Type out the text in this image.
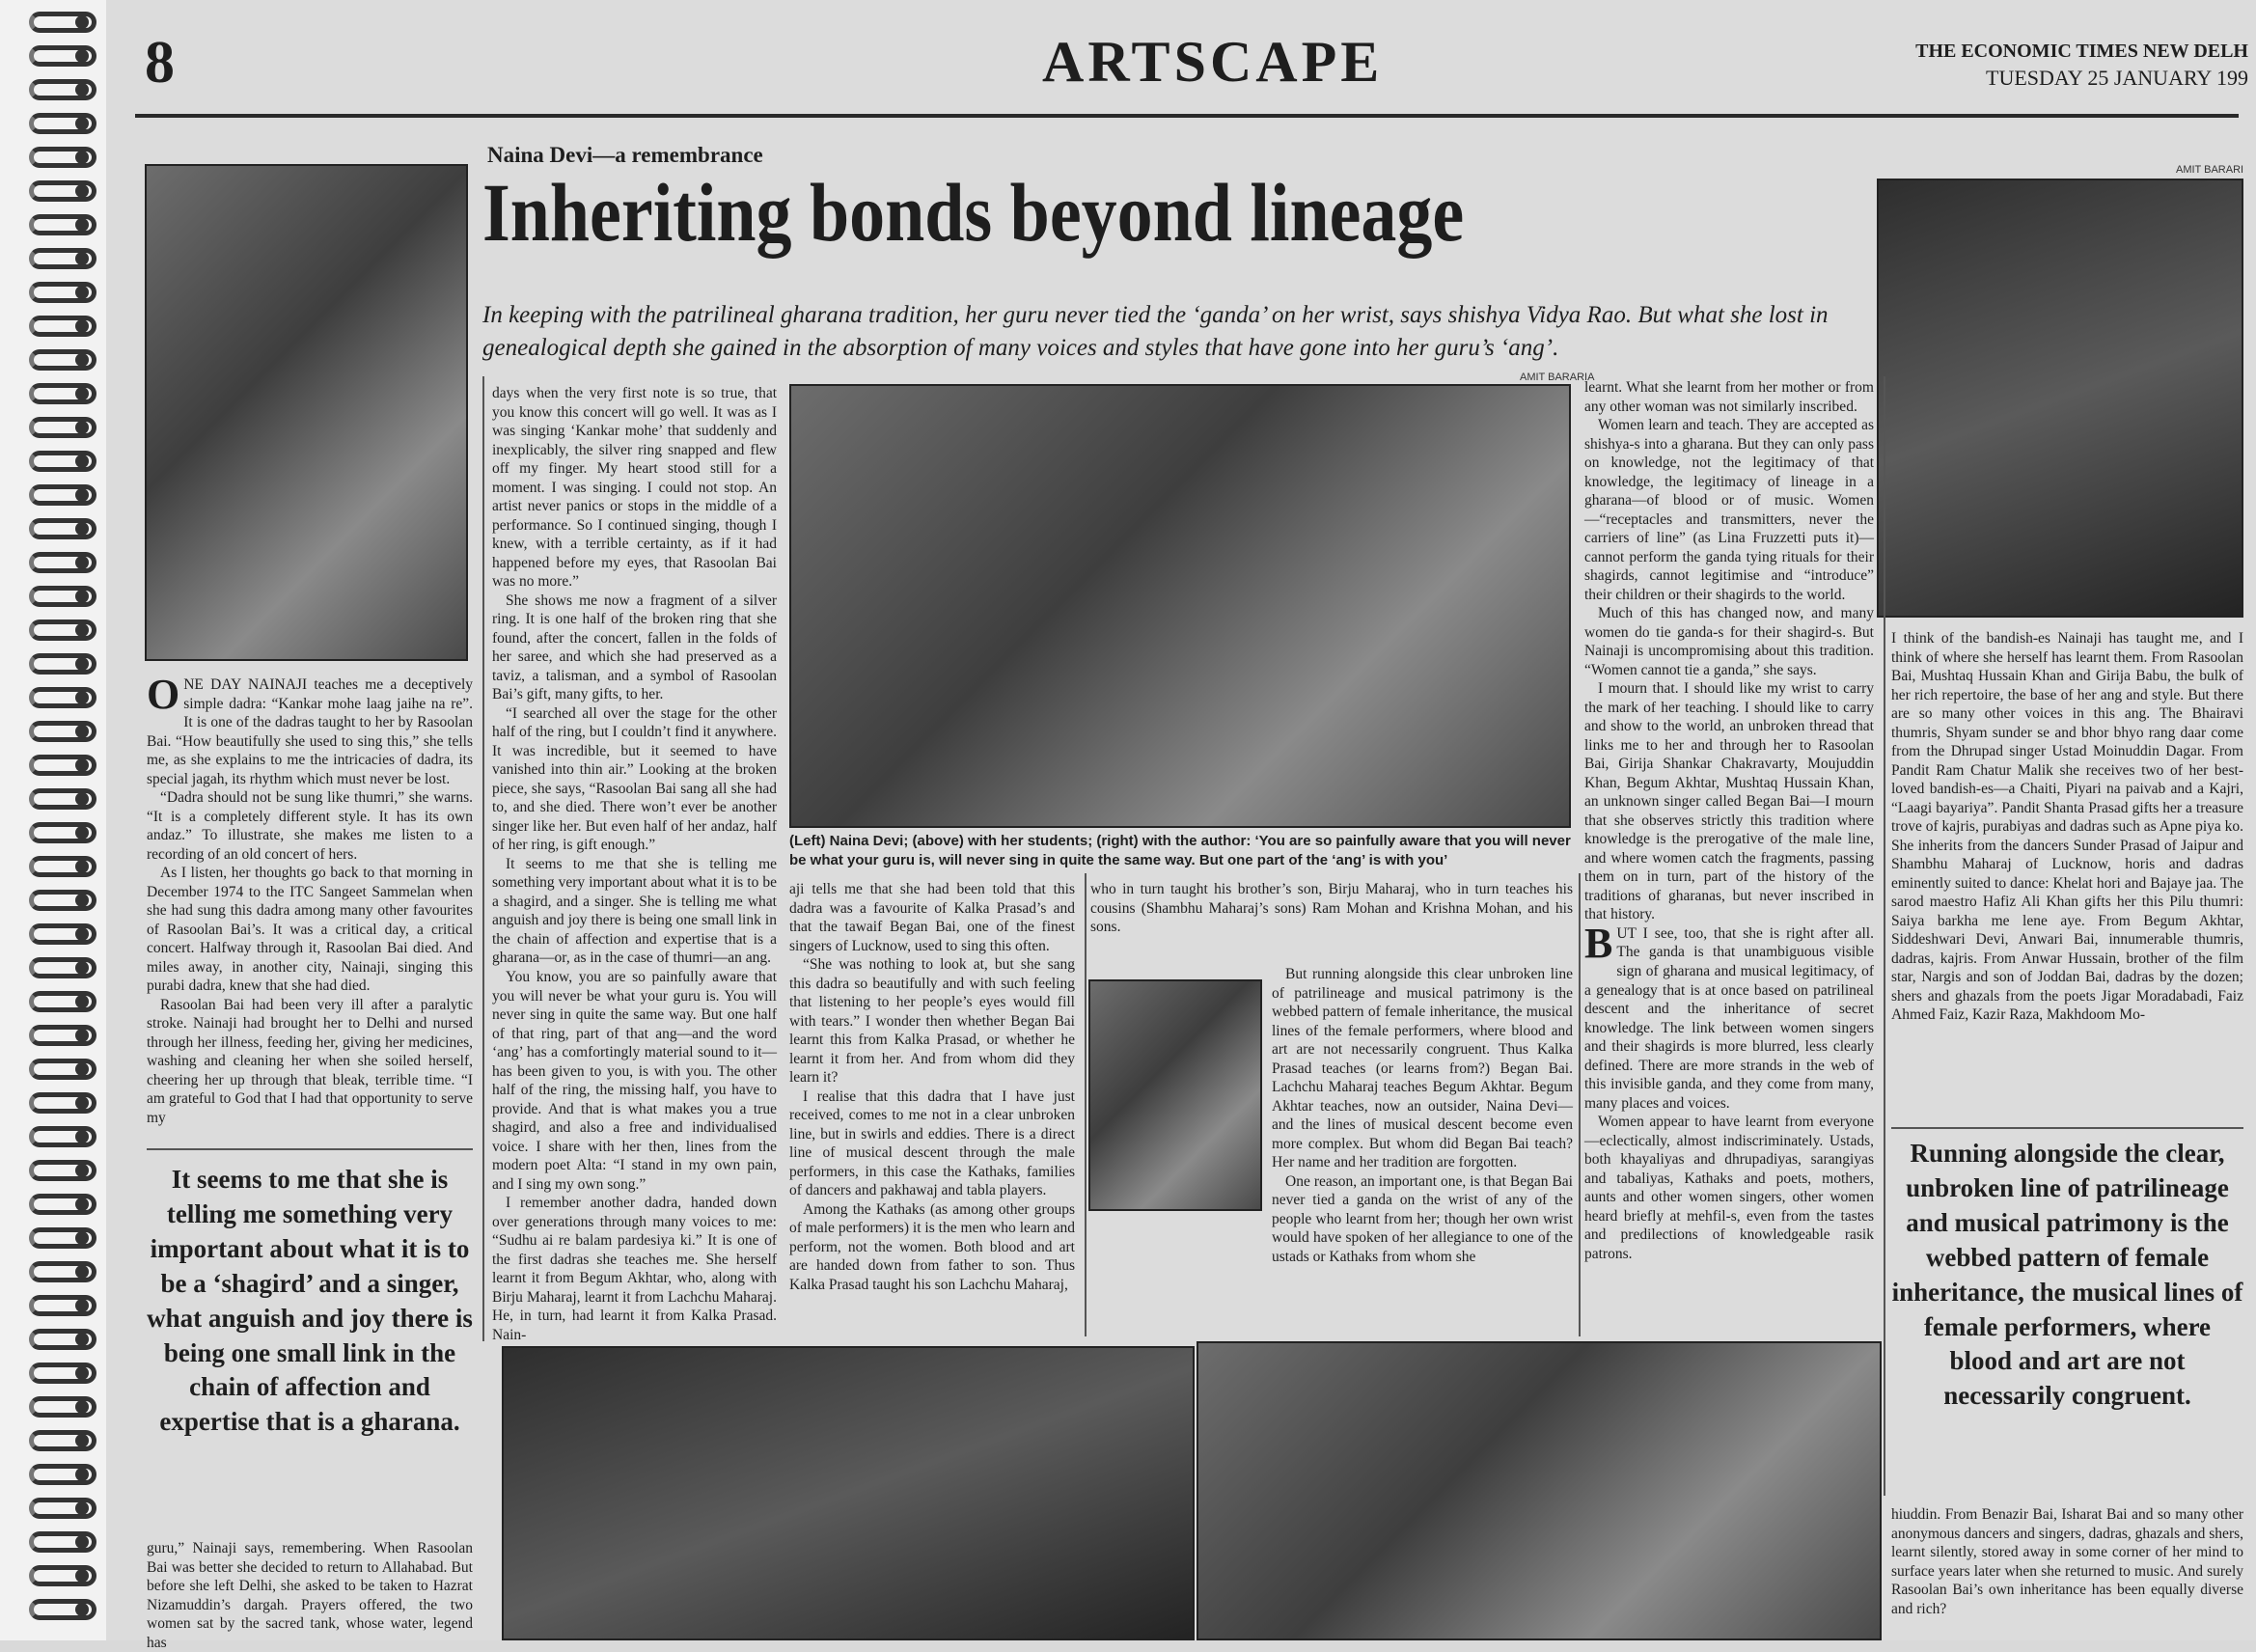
8	ARTSCAPE	THE ECONOMIC TIMES NEW DELH
TUESDAY 25 JANUARY 199
AMIT BARARI
Naina Devi—a remembrance
Inheriting bonds beyond lineage
In keeping with the patrilineal gharana tradition, her guru never tied the ‘ganda’ on her wrist, says shishya Vidya Rao. But what she lost in genealogical depth she gained in the absorption of many voices and styles that have gone into her guru’s ‘ang’.
AMIT BARARIA
(Left) Naina Devi; (above) with her students; (right) with the author: ‘You are so painfully aware that you will never be what your guru is, will never sing in quite the same way. But one part of the ‘ang’ is with you’

ONE DAY NAINAJI teaches me a deceptively simple dadra: “Kankar mohe laag jaihe na re”. It is one of the dadras taught to her by Rasoolan Bai. “How beautifully she used to sing this,” she tells me, as she explains to me the intricacies of dadra, its special jagah, its rhythm which must never be lost.

“Dadra should not be sung like thumri,” she warns. “It is a completely different style. It has its own andaz.” To illustrate, she makes me listen to a recording of an old concert of hers.

As I listen, her thoughts go back to that morning in December 1974 to the ITC Sangeet Sammelan when she had sung this dadra among many other favourites of Rasoolan Bai’s. It was a critical day, a critical concert. Halfway through it, Rasoolan Bai died. And miles away, in another city, Nainaji, singing this purabi dadra, knew that she had died.

Rasoolan Bai had been very ill after a paralytic stroke. Nainaji had brought her to Delhi and nursed through her illness, feeding her, giving her medicines, washing and cleaning her when she soiled herself, cheering her up through that bleak, terrible time. “I am grateful to God that I had that opportunity to serve my

It seems to me that she is telling me something very important about what it is to be a ‘shagird’ and a singer, what anguish and joy there is being one small link in the chain of affection and expertise that is a gharana.

guru,” Nainaji says, remembering. When Rasoolan Bai was better she decided to return to Allahabad. But before she left Delhi, she asked to be taken to Hazrat Nizamuddin’s dargah. Prayers offered, the two women sat by the sacred tank, whose water, legend has

days when the very first note is so true, that you know this concert will go well. It was as I was singing ‘Kankar mohe’ that suddenly and inexplicably, the silver ring snapped and flew off my finger. My heart stood still for a moment. I was singing. I could not stop. An artist never panics or stops in the middle of a performance. So I continued singing, though I knew, with a terrible certainty, as if it had happened before my eyes, that Rasoolan Bai was no more.”

She shows me now a fragment of a silver ring. It is one half of the broken ring that she found, after the concert, fallen in the folds of her saree, and which she had preserved as a taviz, a talisman, and a symbol of Rasoolan Bai’s gift, many gifts, to her.

“I searched all over the stage for the other half of the ring, but I couldn’t find it anywhere. It was incredible, but it seemed to have vanished into thin air.” Looking at the broken piece, she says, “Rasoolan Bai sang all she had to, and she died. There won’t ever be another singer like her. But even half of her andaz, half of her ring, is gift enough.”

It seems to me that she is telling me something very important about what it is to be a shagird, and a singer. She is telling me what anguish and joy there is being one small link in the chain of affection and expertise that is a gharana—or, as in the case of thumri—an ang.

You know, you are so painfully aware that you will never be what your guru is. You will never sing in quite the same way. But one half of that ring, part of that ang—and the word ‘ang’ has a comfortingly material sound to it—has been given to you, is with you. The other half of the ring, the missing half, you have to provide. And that is what makes you a true shagird, and also a free and individualised voice. I share with her then, lines from the modern poet Alta: “I stand in my own pain, and I sing my own song.”

I remember another dadra, handed down over generations through many voices to me: “Sudhu ai re balam pardesiya ki.” It is one of the first dadras she teaches me. She herself learnt it from Begum Akhtar, who, along with Birju Maharaj, learnt it from Lachchu Maharaj. He, in turn, had learnt it from Kalka Prasad. Nain-

aji tells me that she had been told that this dadra was a favourite of Kalka Prasad’s and that the tawaif Began Bai, one of the finest singers of Lucknow, used to sing this often.

“She was nothing to look at, but she sang this dadra so beautifully and with such feeling that listening to her people’s eyes would fill with tears.” I wonder then whether Began Bai learnt this from Kalka Prasad, or whether he learnt it from her. And from whom did they learn it?

I realise that this dadra that I have just received, comes to me not in a clear unbroken line, but in swirls and eddies. There is a direct line of musical descent through the male performers, in this case the Kathaks, families of dancers and pakhawaj and tabla players.

Among the Kathaks (as among other groups of male performers) it is the men who learn and perform, not the women. Both blood and art are handed down from father to son. Thus Kalka Prasad taught his son Lachchu Maharaj,

who in turn taught his brother’s son, Birju Maharaj, who in turn teaches his cousins (Shambhu Maharaj’s sons) Ram Mohan and Krishna Mohan, and his sons.

But running alongside this clear unbroken line of patrilineage and musical patrimony is the webbed pattern of female inheritance, the musical lines of the female performers, where blood and art are not necessarily congruent. Thus Kalka Prasad teaches (or learns from?) Began Bai. Lachchu Maharaj teaches Begum Akhtar. Begum Akhtar teaches, now an outsider, Naina Devi—and the lines of musical descent become even more complex. But whom did Began Bai teach? Her name and her tradition are forgotten.

One reason, an important one, is that Began Bai never tied a ganda on the wrist of any of the people who learnt from her; though her own wrist would have spoken of her allegiance to one of the ustads or Kathaks from whom she

learnt. What she learnt from her mother or from any other woman was not similarly inscribed.

Women learn and teach. They are accepted as shishya-s into a gharana. But they can only pass on knowledge, not the legitimacy of that knowledge, the legitimacy of lineage in a gharana—of blood or of music. Women—“receptacles and transmitters, never the carriers of line” (as Lina Fruzzetti puts it)—cannot perform the ganda tying rituals for their shagirds, cannot legitimise and “introduce” their children or their shagirds to the world.

Much of this has changed now, and many women do tie ganda-s for their shagird-s. But Nainaji is uncompromising about this tradition. “Women cannot tie a ganda,” she says.

I mourn that. I should like my wrist to carry the mark of her teaching. I should like to carry and show to the world, an unbroken thread that links me to her and through her to Rasoolan Bai, Girija Shankar Chakravarty, Moujuddin Khan, Begum Akhtar, Mushtaq Hussain Khan, an unknown singer called Began Bai—I mourn that she observes strictly this tradition where knowledge is the prerogative of the male line, and where women catch the fragments, passing them on in turn, part of the history of the traditions of gharanas, but never inscribed in that history.

BUT I see, too, that she is right after all. The ganda is that unambiguous visible sign of gharana and musical legitimacy, of a genealogy that is at once based on patrilineal descent and the inheritance of secret knowledge. The link between women singers and their shagirds is more blurred, less clearly defined. There are more strands in the web of this invisible ganda, and they come from many, many places and voices.

Women appear to have learnt from everyone—eclectically, almost indiscriminately. Ustads, both khayaliyas and dhrupadiyas, sarangiyas and tabaliyas, Kathaks and poets, mothers, aunts and other women singers, other women heard briefly at mehfil-s, even from the tastes and predilections of knowledgeable rasik patrons.

I think of the bandish-es Nainaji has taught me, and I think of where she herself has learnt them. From Rasoolan Bai, Mushtaq Hussain Khan and Girija Babu, the bulk of her rich repertoire, the base of her ang and style. But there are so many other voices in this ang. The Bhairavi thumris, Shyam sunder se and bhor bhyo rang daar come from the Dhrupad singer Ustad Moinuddin Dagar. From Pandit Ram Chatur Malik she receives two of her best-loved bandish-es—a Chaiti, Piyari na paivab and a Kajri, “Laagi bayariya”. Pandit Shanta Prasad gifts her a treasure trove of kajris, purabiyas and dadras such as Apne piya ko. She inherits from the dancers Sunder Prasad of Jaipur and Shambhu Maharaj of Lucknow, horis and dadras eminently suited to dance: Khelat hori and Bajaye jaa. The sarod maestro Hafiz Ali Khan gifts her this Pilu thumri: Saiya barkha me lene aye. From Begum Akhtar, Siddeshwari Devi, Anwari Bai, innumerable thumris, dadras, kajris. From Anwar Hussain, brother of the film star, Nargis and son of Joddan Bai, dadras by the dozen; shers and ghazals from the poets Jigar Moradabadi, Faiz Ahmed Faiz, Kazir Raza, Makhdoom Mo-

Running alongside the clear, unbroken line of patrilineage and musical patrimony is the webbed pattern of female inheritance, the musical lines of female performers, where blood and art are not necessarily congruent.

hiuddin. From Benazir Bai, Isharat Bai and so many other anonymous dancers and singers, dadras, ghazals and shers, learnt silently, stored away in some corner of her mind to surface years later when she returned to music. And surely Rasoolan Bai’s own inheritance has been equally diverse and rich?
